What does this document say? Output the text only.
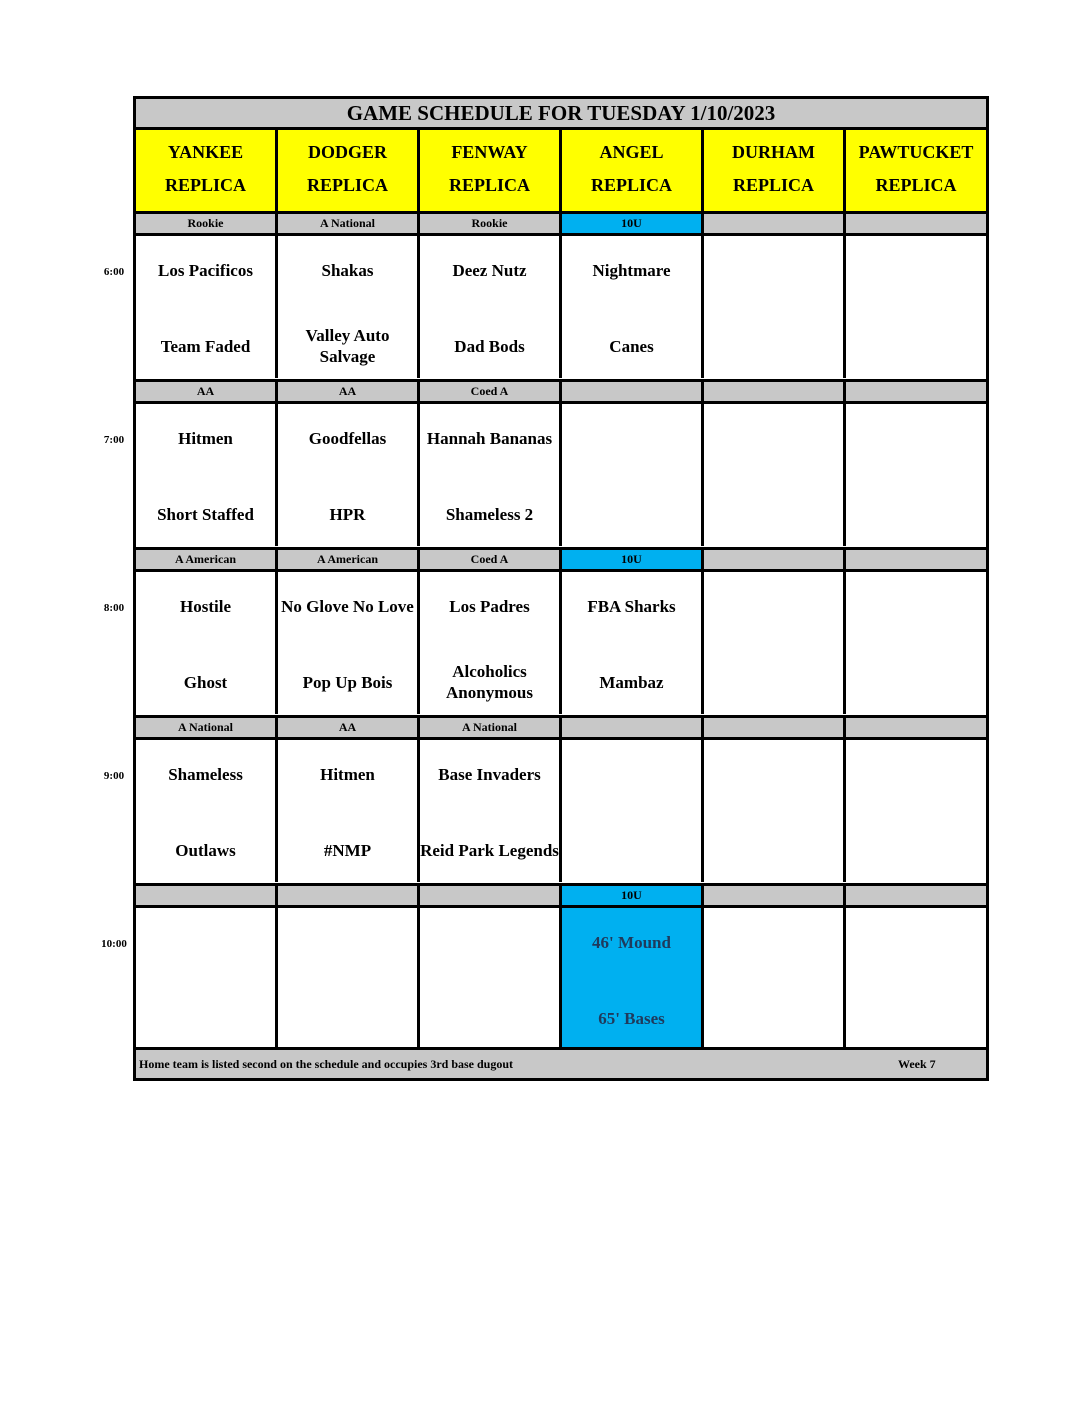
GAME SCHEDULE FOR TUESDAY 1/10/2023
YANKEE
REPLICA
DODGER
REPLICA
FENWAY
REPLICA
ANGEL
REPLICA
DURHAM
REPLICA
PAWTUCKET
REPLICA
Rookie
Los Pacificos
Team Faded
A National
Shakas
Valley Auto Salvage
Rookie
Deez Nutz
Dad Bods
10U
Nightmare
Canes
AA
Hitmen
Short Staffed
AA
Goodfellas
HPR
Coed A
Hannah Bananas
Shameless 2
A American
Hostile
Ghost
A American
No Glove No Love
Pop Up Bois
Coed A
Los Padres
Alcoholics Anonymous
10U
FBA Sharks
Mambaz
A National
Shameless
Outlaws
AA
Hitmen
#NMP
A National
Base Invaders
Reid Park Legends
10U
46' Mound
65' Bases
Home team is listed second on the schedule and occupies 3rd base dugout	Week 7
6:00
7:00
8:00
9:00
10:00
